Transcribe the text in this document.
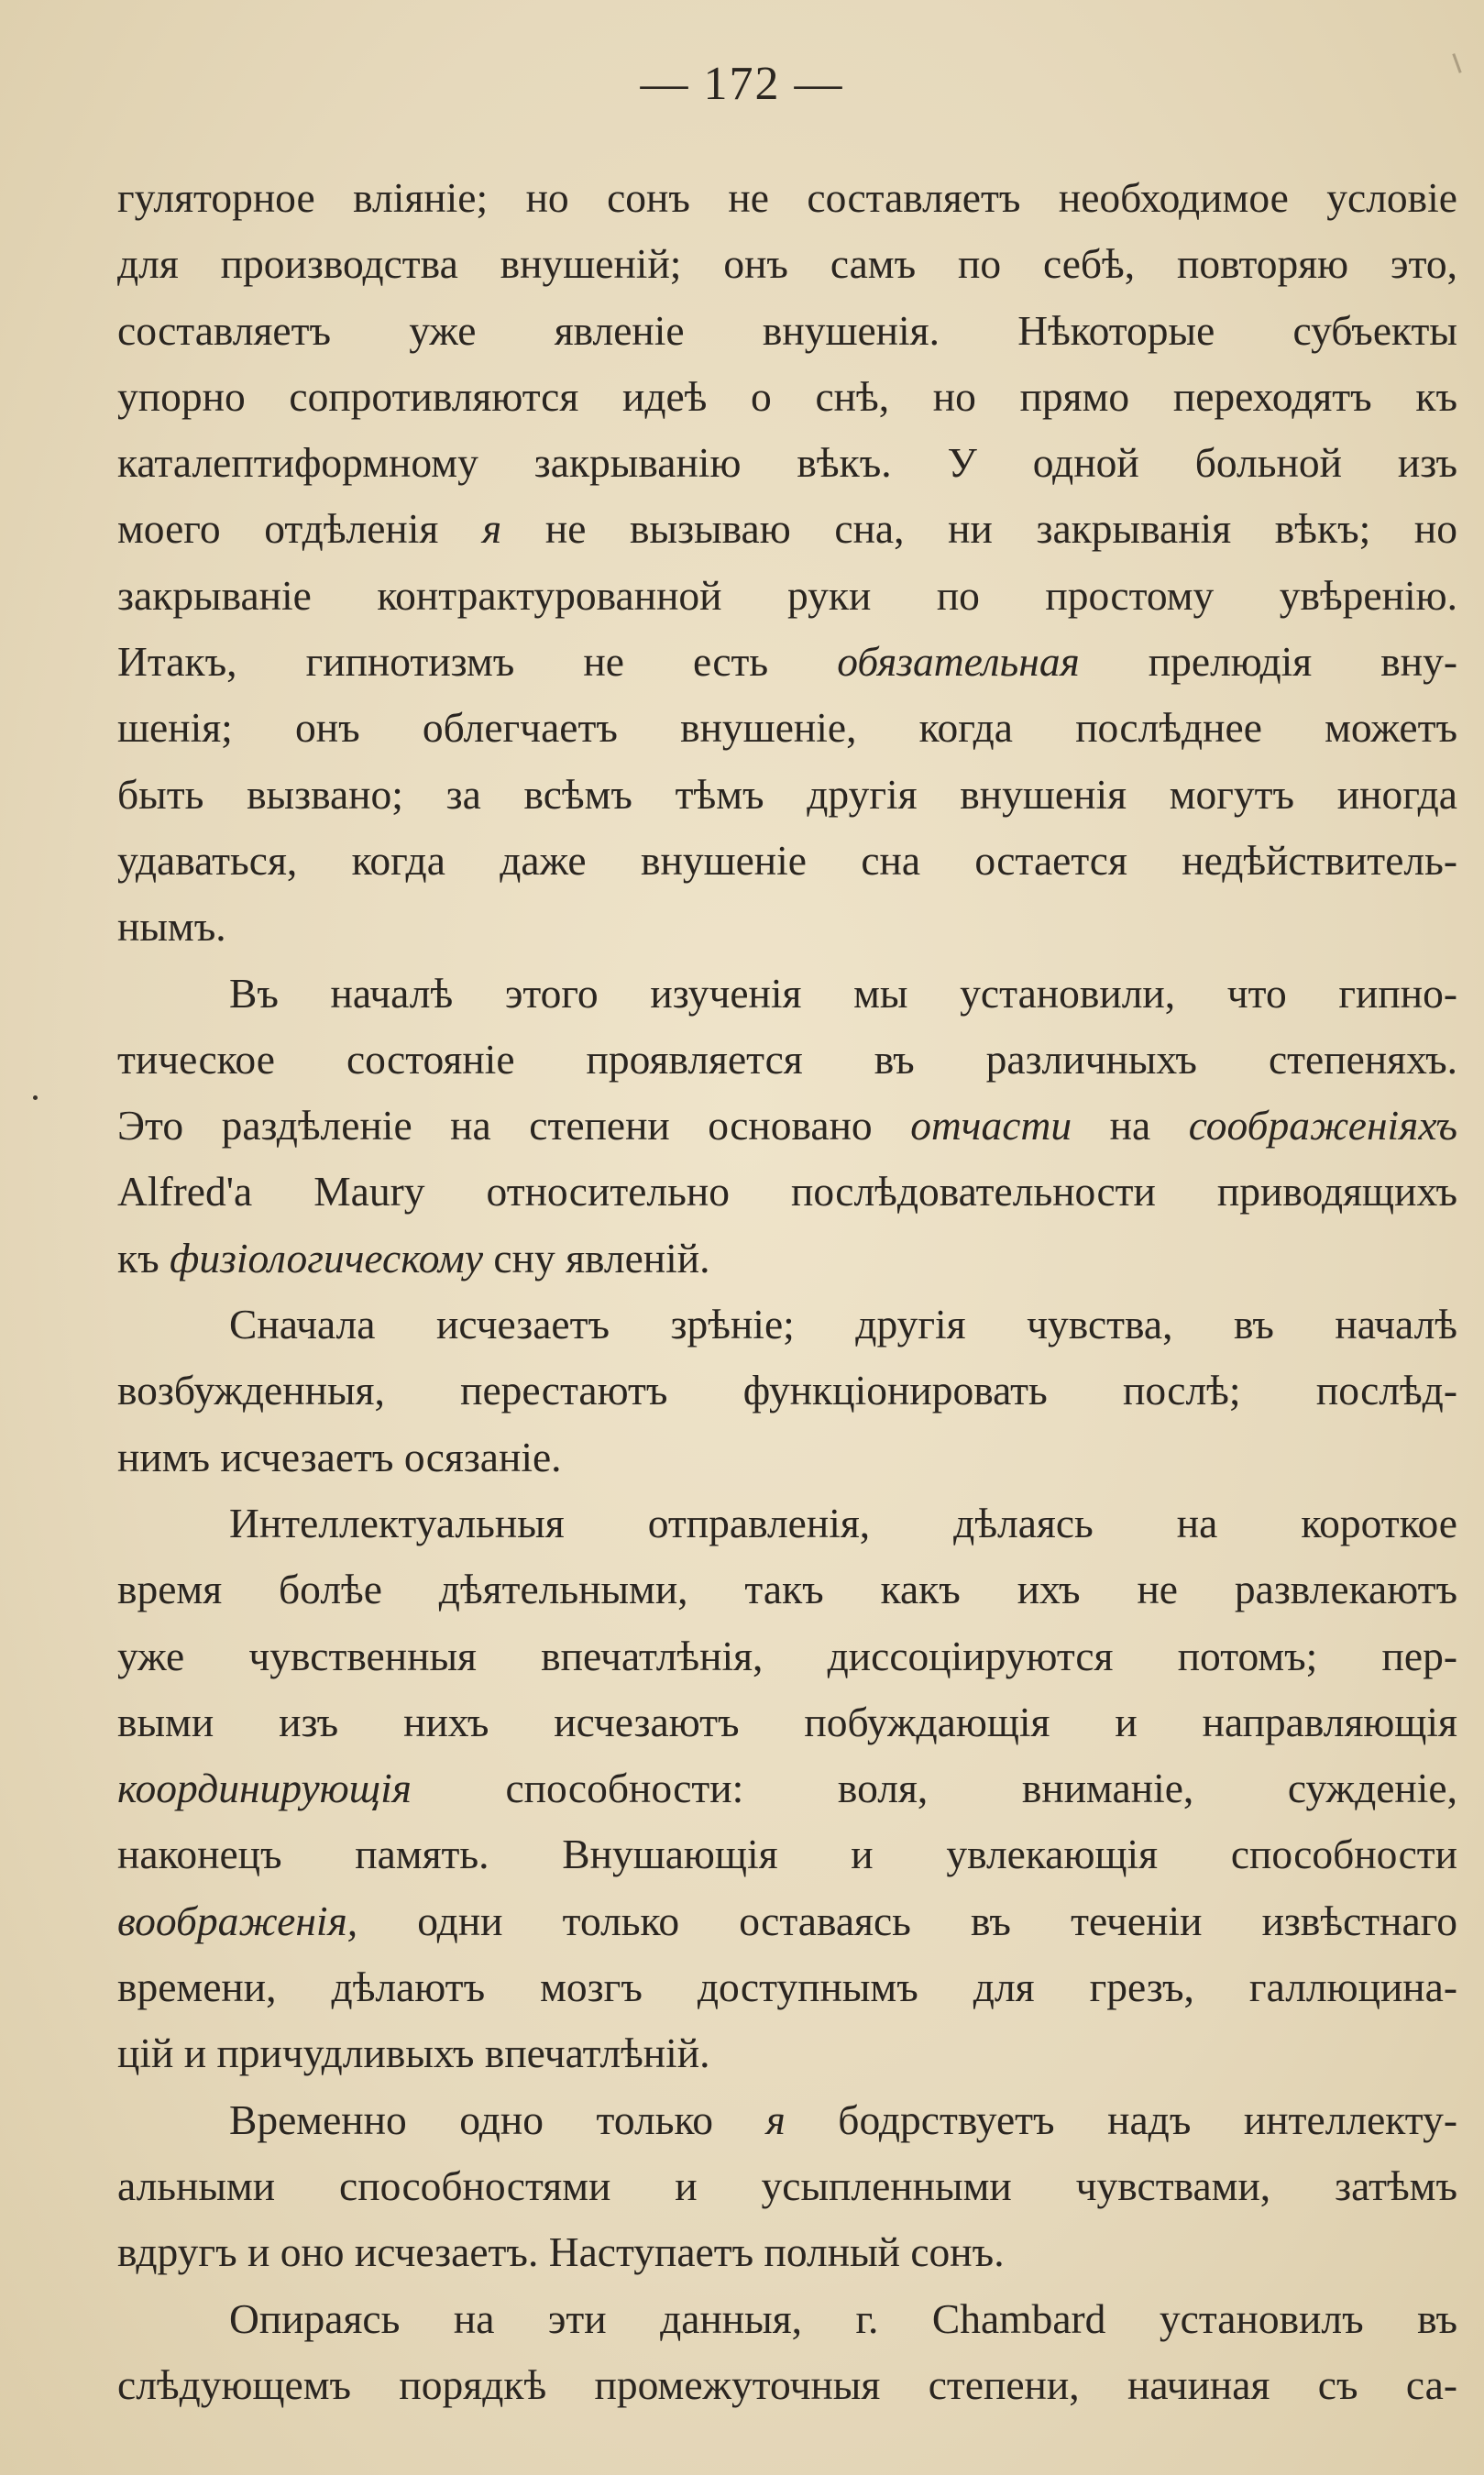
— 172 —
гуляторное вліяніе; но сонъ не составляетъ необходимое условіе
для производства внушеній; онъ самъ по себѣ, повторяю это,
составляетъ уже явленіе внушенія. Нѣкоторые субъекты
упорно сопротивляются идеѣ о снѣ, но прямо переходятъ къ
каталептиформному закрыванію вѣкъ. У одной больной изъ
моего отдѣленія я не вызываю сна, ни закрыванія вѣкъ; но
закрываніе контрактурованной руки по простому увѣренію.
Итакъ, гипнотизмъ не есть обязательная прелюдія вну-
шенія; онъ облегчаетъ внушеніе, когда послѣднее можетъ
быть вызвано; за всѣмъ тѣмъ другія внушенія могутъ иногда
удаваться, когда даже внушеніе сна остается недѣйствитель-
нымъ.
Въ началѣ этого изученія мы установили, что гипно-
тическое состояніе проявляется въ различныхъ степеняхъ.
Это раздѣленіе на степени основано отчасти на соображеніяхъ
Alfred'a Maury относительно послѣдовательности приводящихъ
къ физіологическому сну явленій.
Сначала исчезаетъ зрѣніе; другія чувства, въ началѣ
возбужденныя, перестаютъ функціонировать послѣ; послѣд-
нимъ исчезаетъ осязаніе.
Интеллектуальныя отправленія, дѣлаясь на короткое
время болѣе дѣятельными, такъ какъ ихъ не развлекаютъ
уже чувственныя впечатлѣнія, диссоціируются потомъ; пер-
выми изъ нихъ исчезаютъ побуждающія и направляющія
координирующія способности: воля, вниманіе, сужденіе,
наконецъ память. Внушающія и увлекающія способности
воображенія, одни только оставаясь въ теченіи извѣстнаго
времени, дѣлаютъ мозгъ доступнымъ для грезъ, галлюцина-
цій и причудливыхъ впечатлѣній.
Временно одно только я бодрствуетъ надъ интеллекту-
альными способностями и усыпленными чувствами, затѣмъ
вдругъ и оно исчезаетъ. Наступаетъ полный сонъ.
Опираясь на эти данныя, г. Chambard установилъ въ
слѣдующемъ порядкѣ промежуточныя степени, начиная съ са-
